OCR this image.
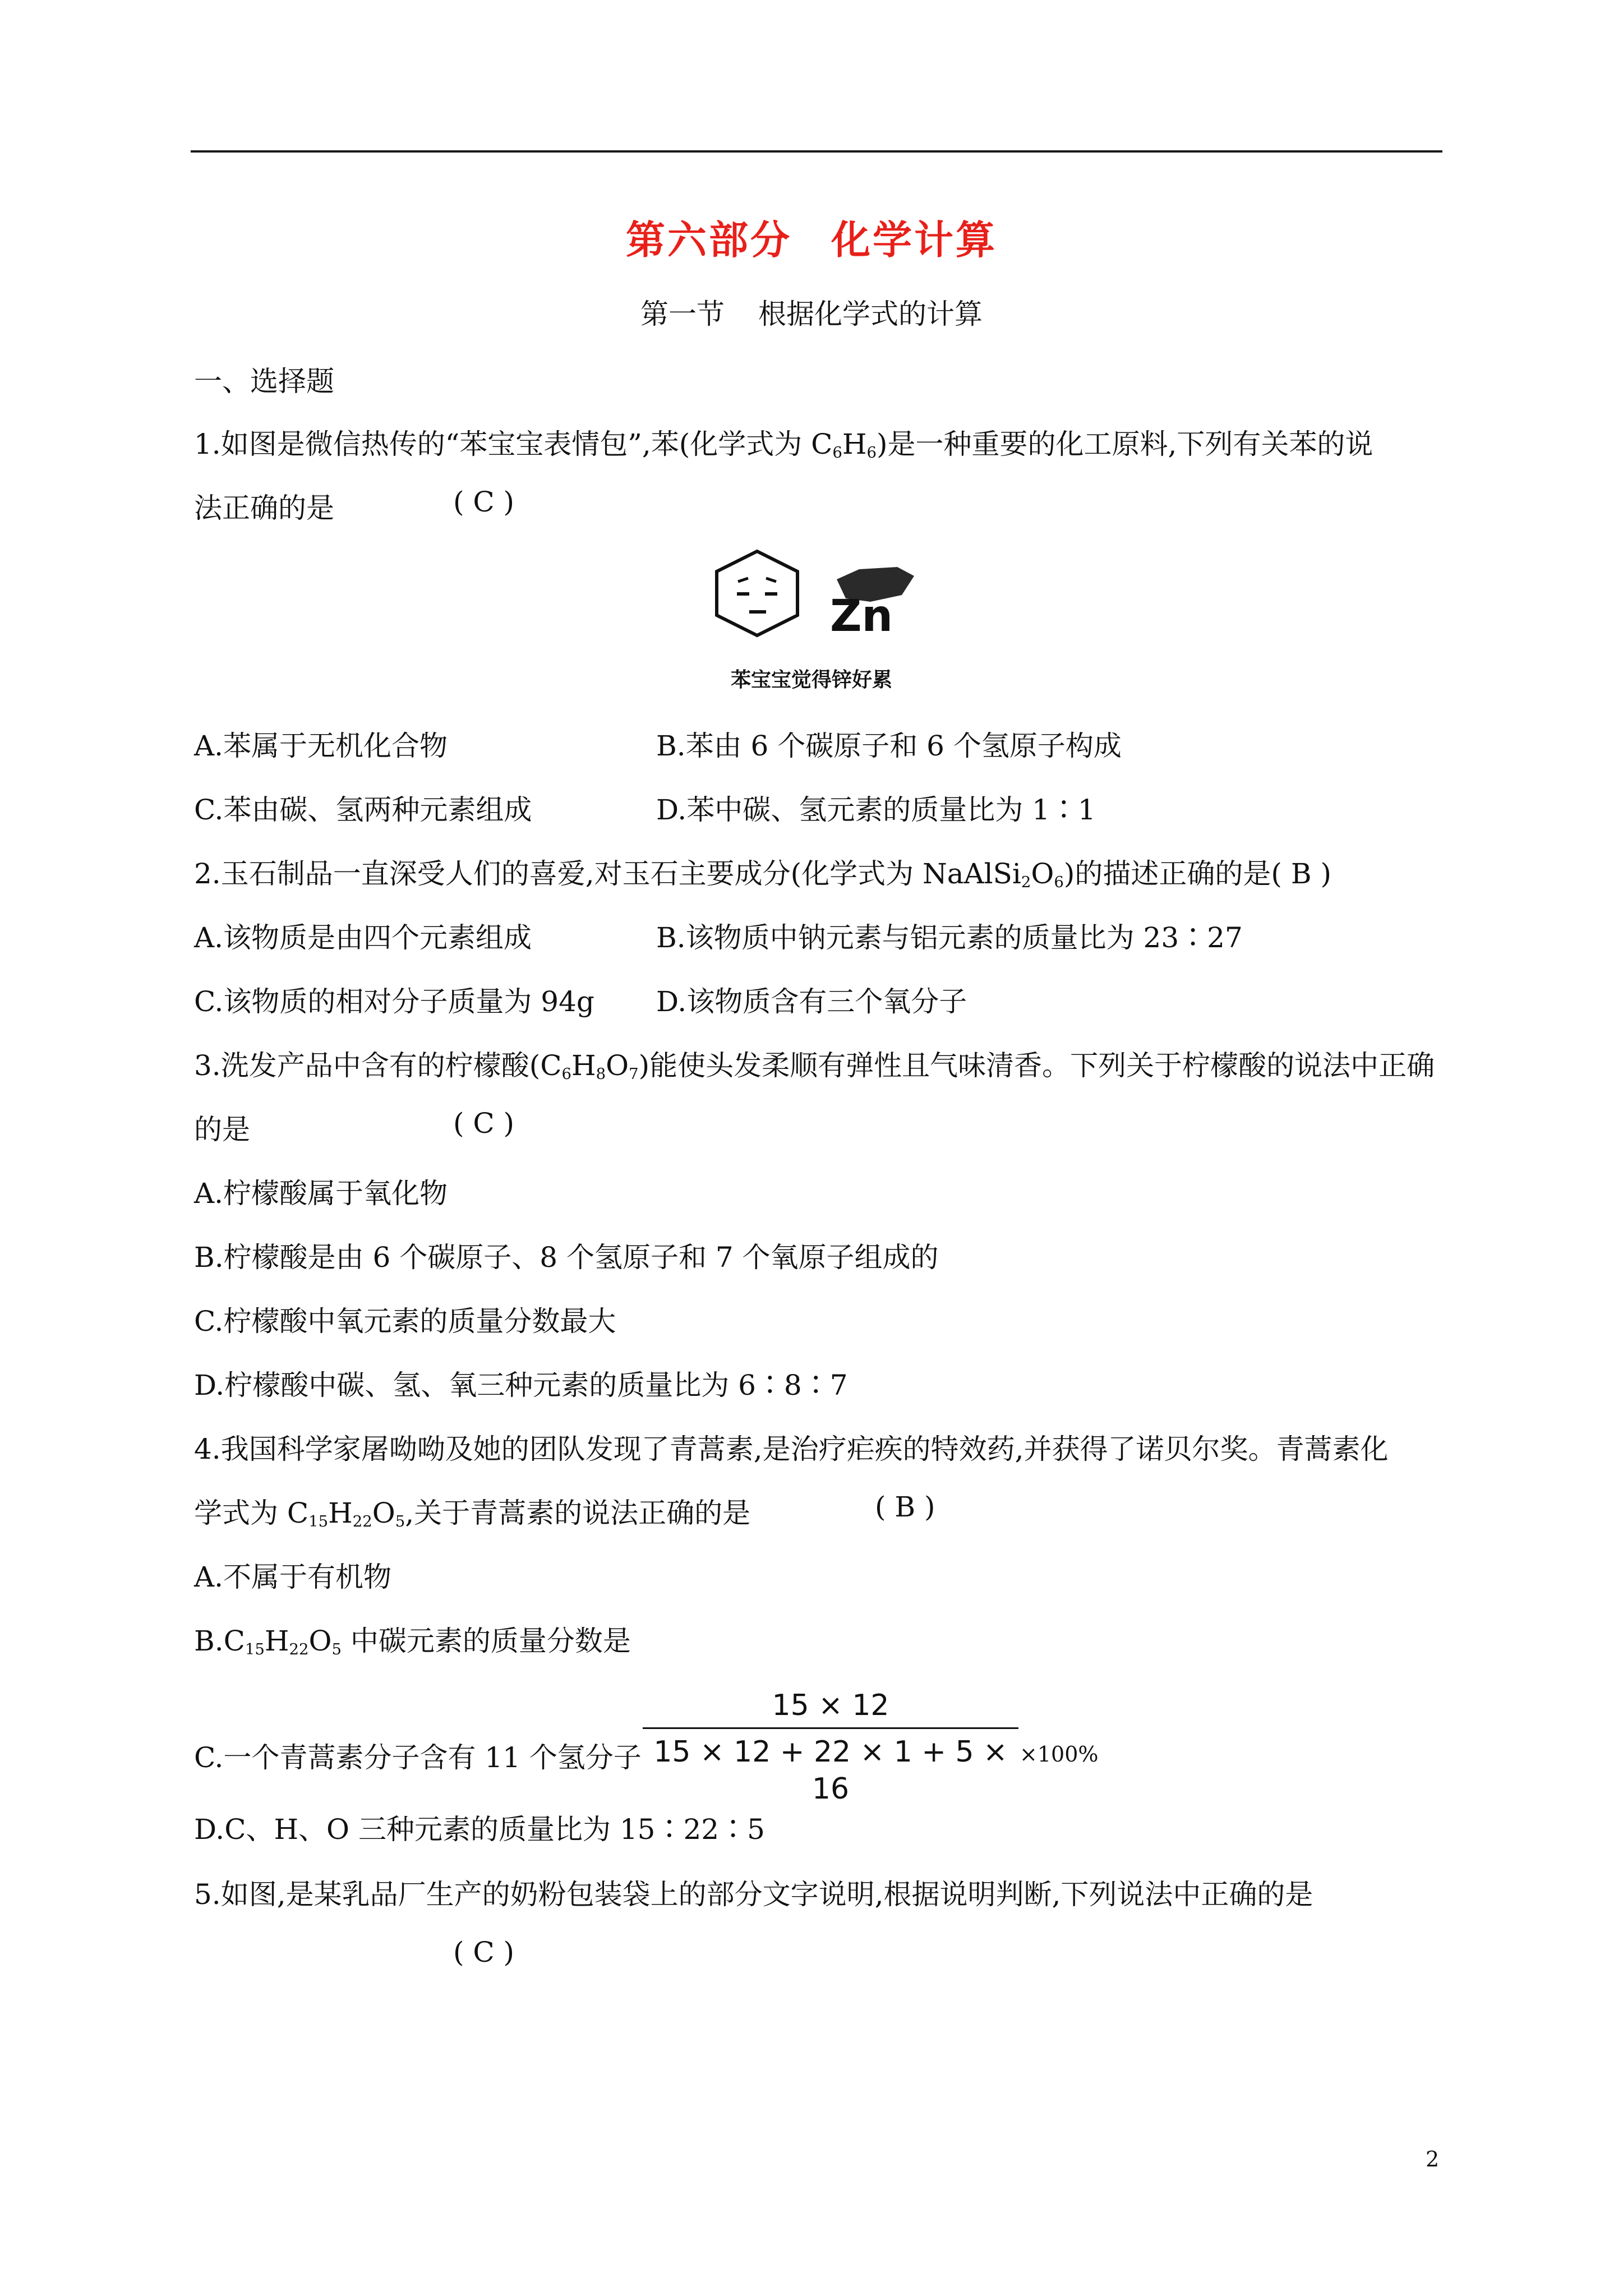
第六部分 化学计算
第一节 根据化学式的计算
一、选择题
1.如图是微信热传的“苯宝宝表情包”,苯(化学式为 $C_6H_6$)是一种重要的化工原料,下列有关苯的说
法正确的是	( C )
Zn
苯宝宝觉得锌好累
A.苯属于无机化合物	B.苯由 6 个碳原子和 6 个氢原子构成
C.苯由碳、氢两种元素组成	D.苯中碳、氢元素的质量比为 1∶1
2.玉石制品一直深受人们的喜爱,对玉石主要成分(化学式为 $NaAlSi_2O_6$)的描述正确的是( B )
A.该物质是由四个元素组成	B.该物质中钠元素与铝元素的质量比为 23∶27
C.该物质的相对分子质量为 94g D.该物质含有三个氧分子
3.洗发产品中含有的柠檬酸$(C_6H_8O_7)$能使头发柔顺有弹性且气味清香。下列关于柠檬酸的说法中正确
的是	( C )
A.柠檬酸属于氧化物
B.柠檬酸是由 6 个碳原子、8 个氢原子和 7 个氧原子组成的
C.柠檬酸中氧元素的质量分数最大
D.柠檬酸中碳、氢、氧三种元素的质量比为 6∶8∶7
4.我国科学家屠呦呦及她的团队发现了青蒿素,是治疗疟疾的特效药,并获得了诺贝尔奖。青蒿素化
学式为 $C_{15}H_{22}O_5$,关于青蒿素的说法正确的是	( B )
A.不属于有机物
$B.C_{15}H_{22}O_5$ 中碳元素的质量分数是
15 × 12
15 × 12 + 22 × 1 + 5 × 16
×100%
C.一个青蒿素分子含有 11 个氢分子
D.C、H、O 三种元素的质量比为 15∶22∶5
5.如图,是某乳品厂生产的奶粉包装袋上的部分文字说明,根据说明判断,下列说法中正确的是
( C )
2
